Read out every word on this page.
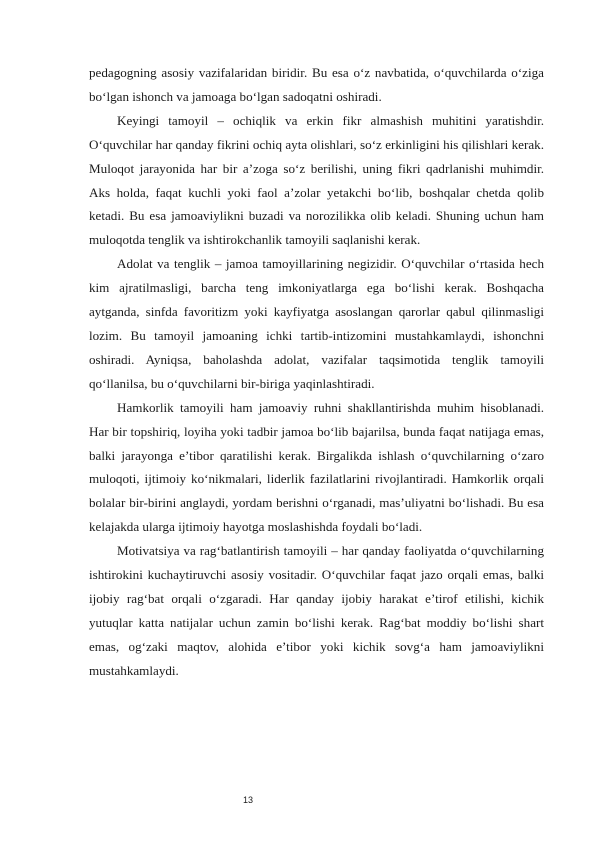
pedagogning asosiy vazifalaridan biridir. Bu esa o‘z navbatida, o‘quvchilarda o‘ziga bo‘lgan ishonch va jamoaga bo‘lgan sadoqatni oshiradi.

Keyingi tamoyil – ochiqlik va erkin fikr almashish muhitini yaratishdir. O‘quvchilar har qanday fikrini ochiq ayta olishlari, so‘z erkinligini his qilishlari kerak. Muloqot jarayonida har bir a’zoga so‘z berilishi, uning fikri qadrlanishi muhimdir. Aks holda, faqat kuchli yoki faol a’zolar yetakchi bo‘lib, boshqalar chetda qolib ketadi. Bu esa jamoaviylikni buzadi va norozilikka olib keladi. Shuning uchun ham muloqotda tenglik va ishtirokchanlik tamoyili saqlanishi kerak.

Adolat va tenglik – jamoa tamoyillarining negizidir. O‘quvchilar o‘rtasida hech kim ajratilmasligi, barcha teng imkoniyatlarga ega bo‘lishi kerak. Boshqacha aytganda, sinfda favoritizm yoki kayfiyatga asoslangan qarorlar qabul qilinmasligi lozim. Bu tamoyil jamoaning ichki tartib-intizomini mustahkamlaydi, ishonchni oshiradi. Ayniqsa, baholashda adolat, vazifalar taqsimotida tenglik tamoyili qo‘llanilsa, bu o‘quvchilarni bir-biriga yaqinlashtiradi.

Hamkorlik tamoyili ham jamoaviy ruhni shakllantirishda muhim hisoblanadi. Har bir topshiriq, loyiha yoki tadbir jamoa bo‘lib bajarilsa, bunda faqat natijaga emas, balki jarayonga e’tibor qaratilishi kerak. Birgalikda ishlash o‘quvchilarning o‘zaro muloqoti, ijtimoiy ko‘nikmalari, liderlik fazilatlarini rivojlantiradi. Hamkorlik orqali bolalar bir-birini anglaydi, yordam berishni o‘rganadi, mas’uliyatni bo‘lishadi. Bu esa kelajakda ularga ijtimoiy hayotga moslashishda foydali bo‘ladi.

Motivatsiya va rag‘batlantirish tamoyili – har qanday faoliyatda o‘quvchilarning ishtirokini kuchaytiruvchi asosiy vositadir. O‘quvchilar faqat jazo orqali emas, balki ijobiy rag‘bat orqali o‘zgaradi. Har qanday ijobiy harakat e’tirof etilishi, kichik yutuqlar katta natijalar uchun zamin bo‘lishi kerak. Rag‘bat moddiy bo‘lishi shart emas, og‘zaki maqtov, alohida e’tibor yoki kichik sovg‘a ham jamoaviylikni mustahkamlaydi.

13
